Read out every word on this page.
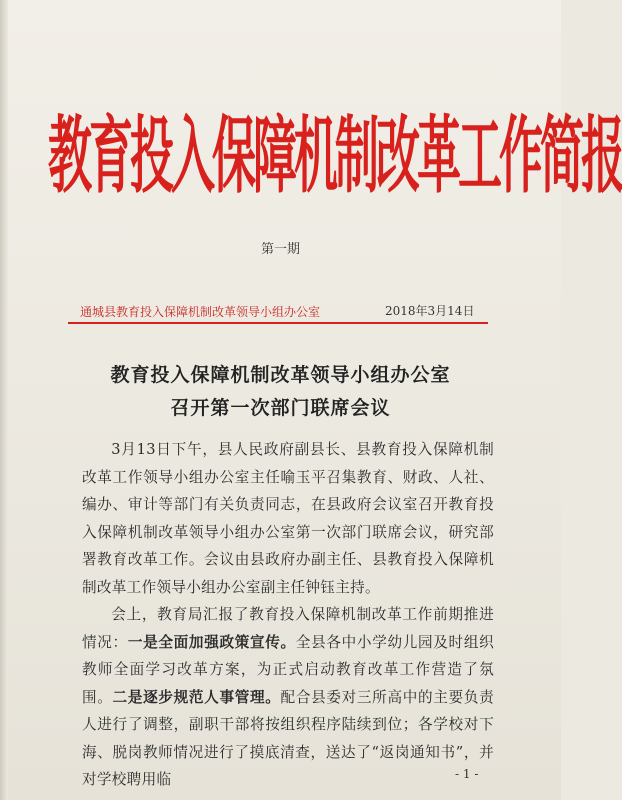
教育投入保障机制改革工作简报
第一期
通城县教育投入保障机制改革领导小组办公室	2018年3月14日
教育投入保障机制改革领导小组办公室
召开第一次部门联席会议

3月13日下午，县人民政府副县长、县教育投入保障机制改革工作领导小组办公室主任喻玉平召集教育、财政、人社、编办、审计等部门有关负责同志，在县政府会议室召开教育投入保障机制改革领导小组办公室第一次部门联席会议，研究部署教育改革工作。会议由县政府办副主任、县教育投入保障机制改革工作领导小组办公室副主任钟钰主持。

会上，教育局汇报了教育投入保障机制改革工作前期推进情况：一是全面加强政策宣传。全县各中小学幼儿园及时组织教师全面学习改革方案，为正式启动教育改革工作营造了氛围。二是逐步规范人事管理。配合县委对三所高中的主要负责人进行了调整，副职干部将按组织程序陆续到位；各学校对下海、脱岗教师情况进行了摸底清查，送达了“返岗通知书”，并对学校聘用临	- 1 -
